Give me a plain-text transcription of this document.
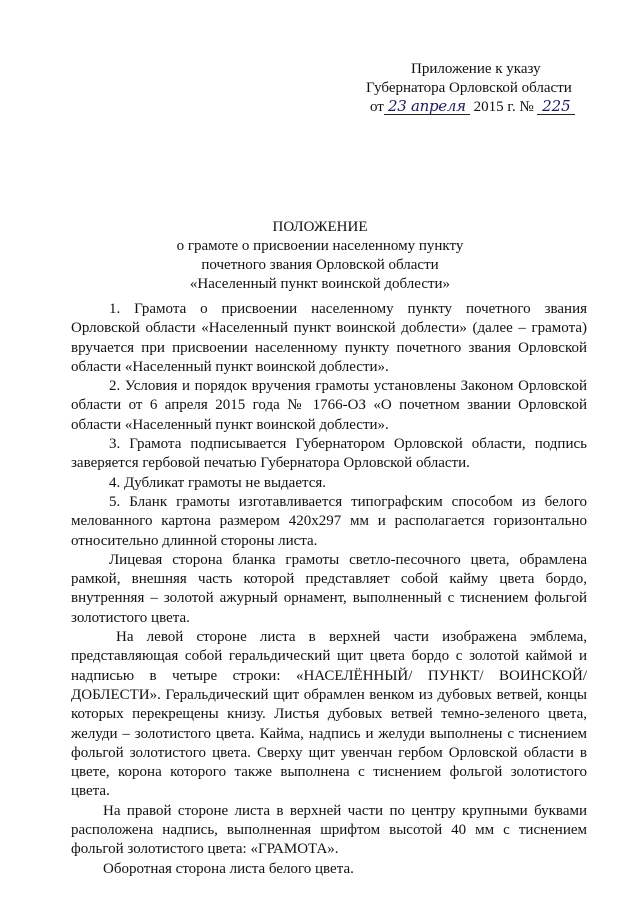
Приложение к указу
Губернатора Орловской области
от 23 апреля 2015 г. № 225
ПОЛОЖЕНИЕ
о грамоте о присвоении населенному пункту
почетного звания Орловской области
«Населенный пункт воинской доблести»

1. Грамота о присвоении населенному пункту почетного звания Орловской области «Населенный пункт воинской доблести» (далее – грамота) вручается при присвоении населенному пункту почетного звания Орловской области «Населенный пункт воинской доблести».

2. Условия и порядок вручения грамоты установлены Законом Орловской области от 6 апреля 2015 года № 1766-ОЗ «О почетном звании Орловской области «Населенный пункт воинской доблести».

3. Грамота подписывается Губернатором Орловской области, подпись заверяется гербовой печатью Губернатора Орловской области.

4. Дубликат грамоты не выдается.

5. Бланк грамоты изготавливается типографским способом из белого мелованного картона размером 420х297 мм и располагается горизонтально относительно длинной стороны листа.

Лицевая сторона бланка грамоты светло-песочного цвета, обрамлена рамкой, внешняя часть которой представляет собой кайму цвета бордо, внутренняя – золотой ажурный орнамент, выполненный с тиснением фольгой золотистого цвета.

На левой стороне листа в верхней части изображена эмблема, представляющая собой геральдический щит цвета бордо с золотой каймой и надписью в четыре строки: «НАСЕЛЁННЫЙ/ ПУНКТ/ ВОИНСКОЙ/ ДОБЛЕСТИ». Геральдический щит обрамлен венком из дубовых ветвей, концы которых перекрещены книзу. Листья дубовых ветвей темно-зеленого цвета, желуди – золотистого цвета. Кайма, надпись и желуди выполнены с тиснением фольгой золотистого цвета. Сверху щит увенчан гербом Орловской области в цвете, корона которого также выполнена с тиснением фольгой золотистого цвета.

На правой стороне листа в верхней части по центру крупными буквами расположена надпись, выполненная шрифтом высотой 40 мм с тиснением фольгой золотистого цвета: «ГРАМОТА».

Оборотная сторона листа белого цвета.
